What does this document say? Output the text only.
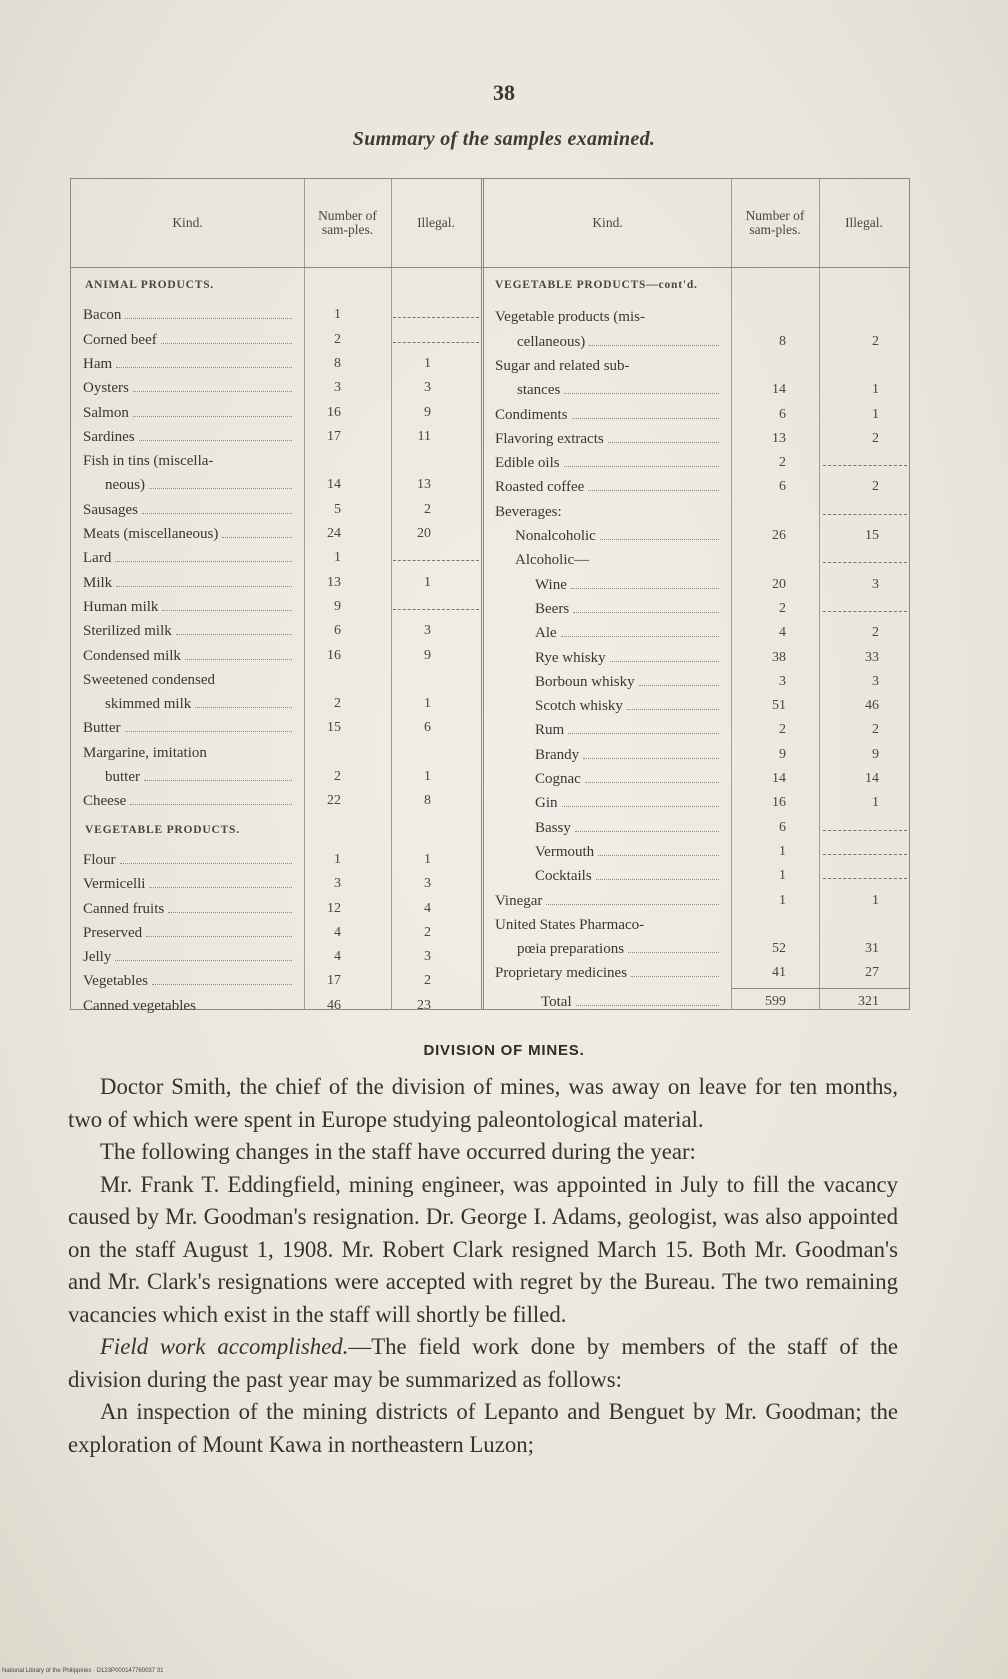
38
Summary of the samples examined.
Kind.	Number of sam-ples.	Illegal.	Kind.	Number of sam-ples.	Illegal.
ANIMAL PRODUCTS.
Bacon	1
Corned beef	2
Ham	8	1
Oysters	3	3
Salmon	16	9
Sardines	17	11
Fish in tins (miscella-
neous)	14	13
Sausages	5	2
Meats (miscellaneous)	24	20
Lard	1
Milk	13	1
Human milk	9
Sterilized milk	6	3
Condensed milk	16	9
Sweetened condensed
skimmed milk	2	1
Butter	15	6
Margarine, imitation
butter	2	1
Cheese	22	8
VEGETABLE PRODUCTS.
Flour	1	1
Vermicelli	3	3
Canned fruits	12	4
Preserved	4	2
Jelly	4	3
Vegetables	17	2
Canned vegetables	46	23
VEGETABLE PRODUCTS—cont'd.
Vegetable products (mis-
cellaneous)	8	2
Sugar and related sub-
stances	14	1
Condiments	6	1
Flavoring extracts	13	2
Edible oils	2
Roasted coffee	6	2
Beverages:
Nonalcoholic	26	15
Alcoholic—
Wine	20	3
Beers	2
Ale	4	2
Rye whisky	38	33
Borboun whisky	3	3
Scotch whisky	51	46
Rum	2	2
Brandy	9	9
Cognac	14	14
Gin	16	1
Bassy	6
Vermouth	1
Cocktails	1
Vinegar	1	1
United States Pharmaco-
pœia preparations	52	31
Proprietary medicines	41	27
Total	599	321
DIVISION OF MINES.

Doctor Smith, the chief of the division of mines, was away on leave for ten months, two of which were spent in Europe studying paleontological material.

The following changes in the staff have occurred during the year:

Mr. Frank T. Eddingfield, mining engineer, was appointed in July to fill the vacancy caused by Mr. Goodman's resignation. Dr. George I. Adams, geologist, was also appointed on the staff August 1, 1908. Mr. Robert Clark resigned March 15. Both Mr. Goodman's and Mr. Clark's resignations were accepted with regret by the Bureau. The two remaining vacancies which exist in the staff will shortly be filled.

Field work accomplished.—The field work done by members of the staff of the division during the past year may be summarized as follows:

An inspection of the mining districts of Lepanto and Benguet by Mr. Goodman; the exploration of Mount Kawa in northeastern Luzon;

National Library of the Philippines · D123P000147760037 31
